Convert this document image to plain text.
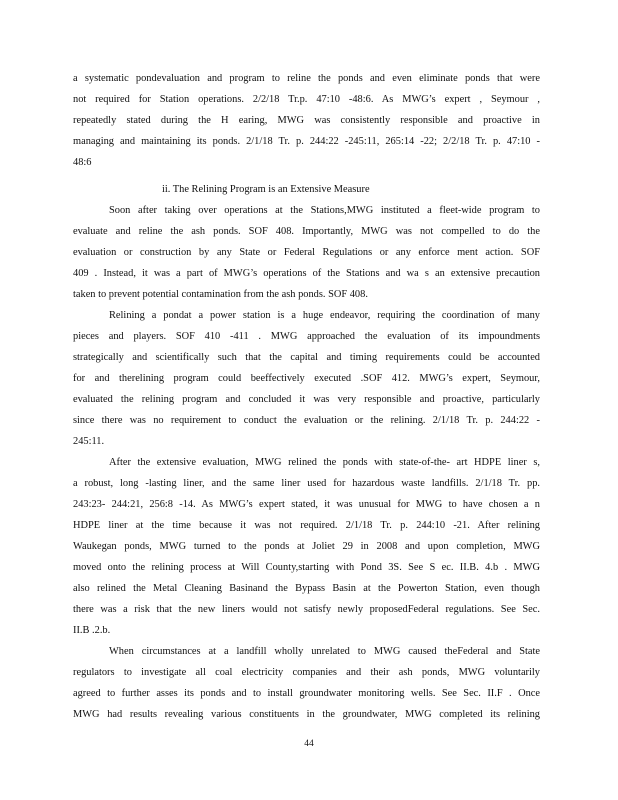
a systematic pondevaluation and program to reline the ponds and even eliminate ponds that were
not required for Station operations. 2/2/18 Tr.p. 47:10 -48:6. As MWG’s expert , Seymour ,
repeatedly stated during the H earing, MWG was consistently responsible and proactive in
managing and maintaining its ponds. 2/1/18 Tr. p. 244:22 -245:11, 265:14 -22; 2/2/18 Tr. p. 47:10 -
48:6
ii. The Relining Program is an Extensive Measure
Soon after taking over operations at the Stations,MWG instituted a fleet-wide program to
evaluate and reline the ash ponds. SOF 408. Importantly, MWG was not compelled to do the
evaluation or construction by any State or Federal Regulations or any enforce ment action. SOF
409 . Instead, it was a part of MWG’s operations of the Stations and wa s an extensive precaution
taken to prevent potential contamination from the ash ponds. SOF 408.
Relining a pondat a power station is a huge endeavor, requiring the coordination of many
pieces and players. SOF 410 -411 . MWG approached the evaluation of its impoundments
strategically and scientifically such that the capital and timing requirements could be accounted
for and therelining program could beeffectively executed .SOF 412. MWG’s expert, Seymour,
evaluated the relining program and concluded it was very responsible and proactive, particularly
since there was no requirement to conduct the evaluation or the relining. 2/1/18 Tr. p. 244:22 -
245:11.
After the extensive evaluation, MWG relined the ponds with state-of-the- art HDPE liner s,
a robust, long -lasting liner, and the same liner used for hazardous waste landfills. 2/1/18 Tr. pp.
243:23- 244:21, 256:8 -14. As MWG’s expert stated, it was unusual for MWG to have chosen a n
HDPE liner at the time because it was not required. 2/1/18 Tr. p. 244:10 -21. After relining
Waukegan ponds, MWG turned to the ponds at Joliet 29 in 2008 and upon completion, MWG
moved onto the relining process at Will County,starting with Pond 3S. See S ec. II.B. 4.b . MWG
also relined the Metal Cleaning Basinand the Bypass Basin at the Powerton Station, even though
there was a risk that the new liners would not satisfy newly proposedFederal regulations. See Sec.
II.B .2.b.
When circumstances at a landfill wholly unrelated to MWG caused theFederal and State
regulators to investigate all coal electricity companies and their ash ponds, MWG voluntarily
agreed to further asses its ponds and to install groundwater monitoring wells. See Sec. II.F . Once
MWG had results revealing various constituents in the groundwater, MWG completed its relining
44
